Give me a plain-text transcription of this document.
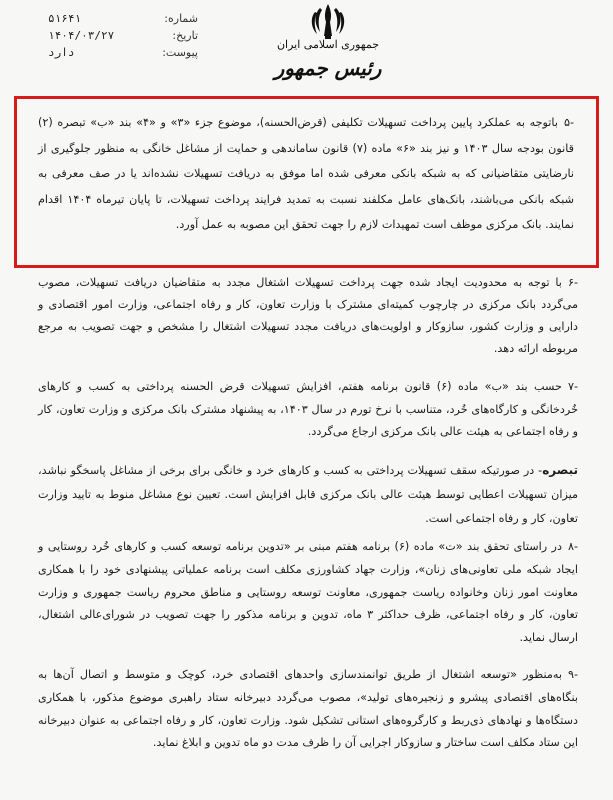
شماره:
۵۱۶۴۱
تاریخ:
۱۴۰۴/۰۳/۲۷
پیوست:
دارد
جمهوری اسلامی ایران
رئیس جمهور
-۵باتوجه به عملکرد پایین پرداخت تسهیلات تکلیفی (قرض‌الحسنه)، موضوع جزء «۳» و «۴» بند «ب» تبصره (۲) قانون بودجه سال ۱۴۰۳ و نیز بند «۶» ماده (۷) قانون ساماندهی و حمایت از مشاغل خانگی به منظور جلوگیری از نارضایتی متقاضیانی که به شبکه بانکی معرفی شده اما موفق به دریافت تسهیلات نشده‌اند یا در صف معرفی به شبکه بانکی می‌باشند، بانک‌های عامل مکلفند نسبت به تمدید فرایند پرداخت تسهیلات، تا پایان تیرماه ۱۴۰۴ اقدام نمایند. بانک مرکزی موظف است تمهیدات لازم را جهت تحقق این مصوبه به عمل آورد.
-۶با توجه به محدودیت ایجاد شده جهت پرداخت تسهیلات اشتغال مجدد به متقاضیان دریافت تسهیلات، مصوب می‌گردد بانک مرکزی در چارچوب کمیته‌ای مشترک با وزارت تعاون، کار و رفاه اجتماعی، وزارت امور اقتصادی و دارایی و وزارت کشور، سازوکار و اولویت‌های دریافت مجدد تسهیلات اشتغال را مشخص و جهت تصویب به مرجع مربوطه ارائه دهد.
-۷حسب بند «ب» ماده (۶) قانون برنامه هفتم، افزایش تسهیلات قرض الحسنه پرداختی به کسب و کارهای خُردخانگی و کارگاه‌های خُرد، متناسب با نرخ تورم در سال ۱۴۰۳، به پیشنهاد مشترک بانک مرکزی و وزارت تعاون، کار و رفاه اجتماعی به هیئت عالی بانک مرکزی ارجاع می‌گردد.
تبصره- در صورتیکه سقف تسهیلات پرداختی به کسب و کارهای خرد و خانگی برای برخی از مشاغل پاسخگو نباشد، میزان تسهیلات اعطایی توسط هیئت عالی بانک مرکزی قابل افزایش است. تعیین نوع مشاغل منوط به تایید وزارت تعاون، کار و رفاه اجتماعی است.
-۸در راستای تحقق بند «ت» ماده (۶) برنامه هفتم مبنی بر «تدوین برنامه توسعه کسب و کارهای خُرد روستایی و ایجاد شبکه ملی تعاونی‌های زنان»، وزارت جهاد کشاورزی مکلف است برنامه عملیاتی پیشنهادی خود را با همکاری معاونت امور زنان وخانواده ریاست جمهوری، معاونت توسعه روستایی و مناطق محروم ریاست جمهوری و وزارت تعاون، کار و رفاه اجتماعی، ظرف حداکثر ۳ ماه، تدوین و برنامه مذکور را جهت تصویب در شورای‌عالی اشتغال، ارسال نماید.
-۹به‌منظور «توسعه اشتغال از طریق توانمندسازی واحدهای اقتصادی خرد، کوچک و متوسط و اتصال آن‌ها به بنگاه‌های اقتصادی پیشرو و زنجیره‌های تولید»، مصوب می‌گردد دبیرخانه ستاد راهبری موضوع مذکور، با همکاری دستگاه‌ها و نهادهای ذی‌ربط و کارگروه‌های استانی تشکیل شود. وزارت تعاون، کار و رفاه اجتماعی به عنوان دبیرخانه این ستاد مکلف است ساختار و سازوکار اجرایی آن را ظرف مدت دو ماه تدوین و ابلاغ نماید.
